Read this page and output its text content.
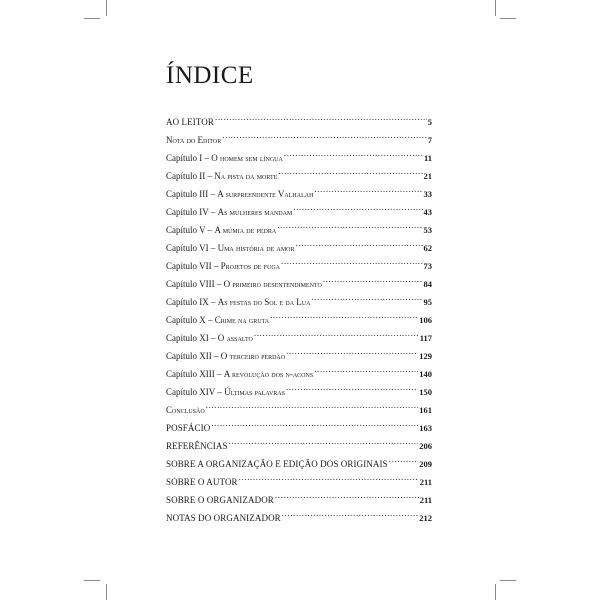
ÍNDICE
AO LEITOR .....	5
Nota do Editor .....	7
Capítulo I – O homem sem língua .....	11
Capítulo II – Na pista da morte .....	21
Capítulo III – A surpreendente Valhalah .....	33
Capítulo IV – As mulheres mandam .....	43
Capítulo V – A múmia de pedra .....	53
Capítulo VI – Uma história de amor .....	62
Capítulo VII – Projetos de fuga .....	73
Capítulo VIII – O primeiro desentendimento .....	84
Capítulo IX – As festas do Sol e da Lua .....	95
Capítulo X – Crime na gruta .....	106
Capítulo XI – O assalto .....	117
Capítulo XII – O terceiro perdão .....	129
Capítulo XIII – A revolução dos n-acons .....	140
Capítulo XIV – Últimas palavras .....	150
Conclusão .....	161
POSFÁCIO .....	163
REFERÊNCIAS .....	206
SOBRE A ORGANIZAÇÃO E EDIÇÃO DOS ORIGINAIS .....	209
SOBRE O AUTOR .....	211
SOBRE O ORGANIZADOR .....	211
NOTAS DO ORGANIZADOR .....	212
